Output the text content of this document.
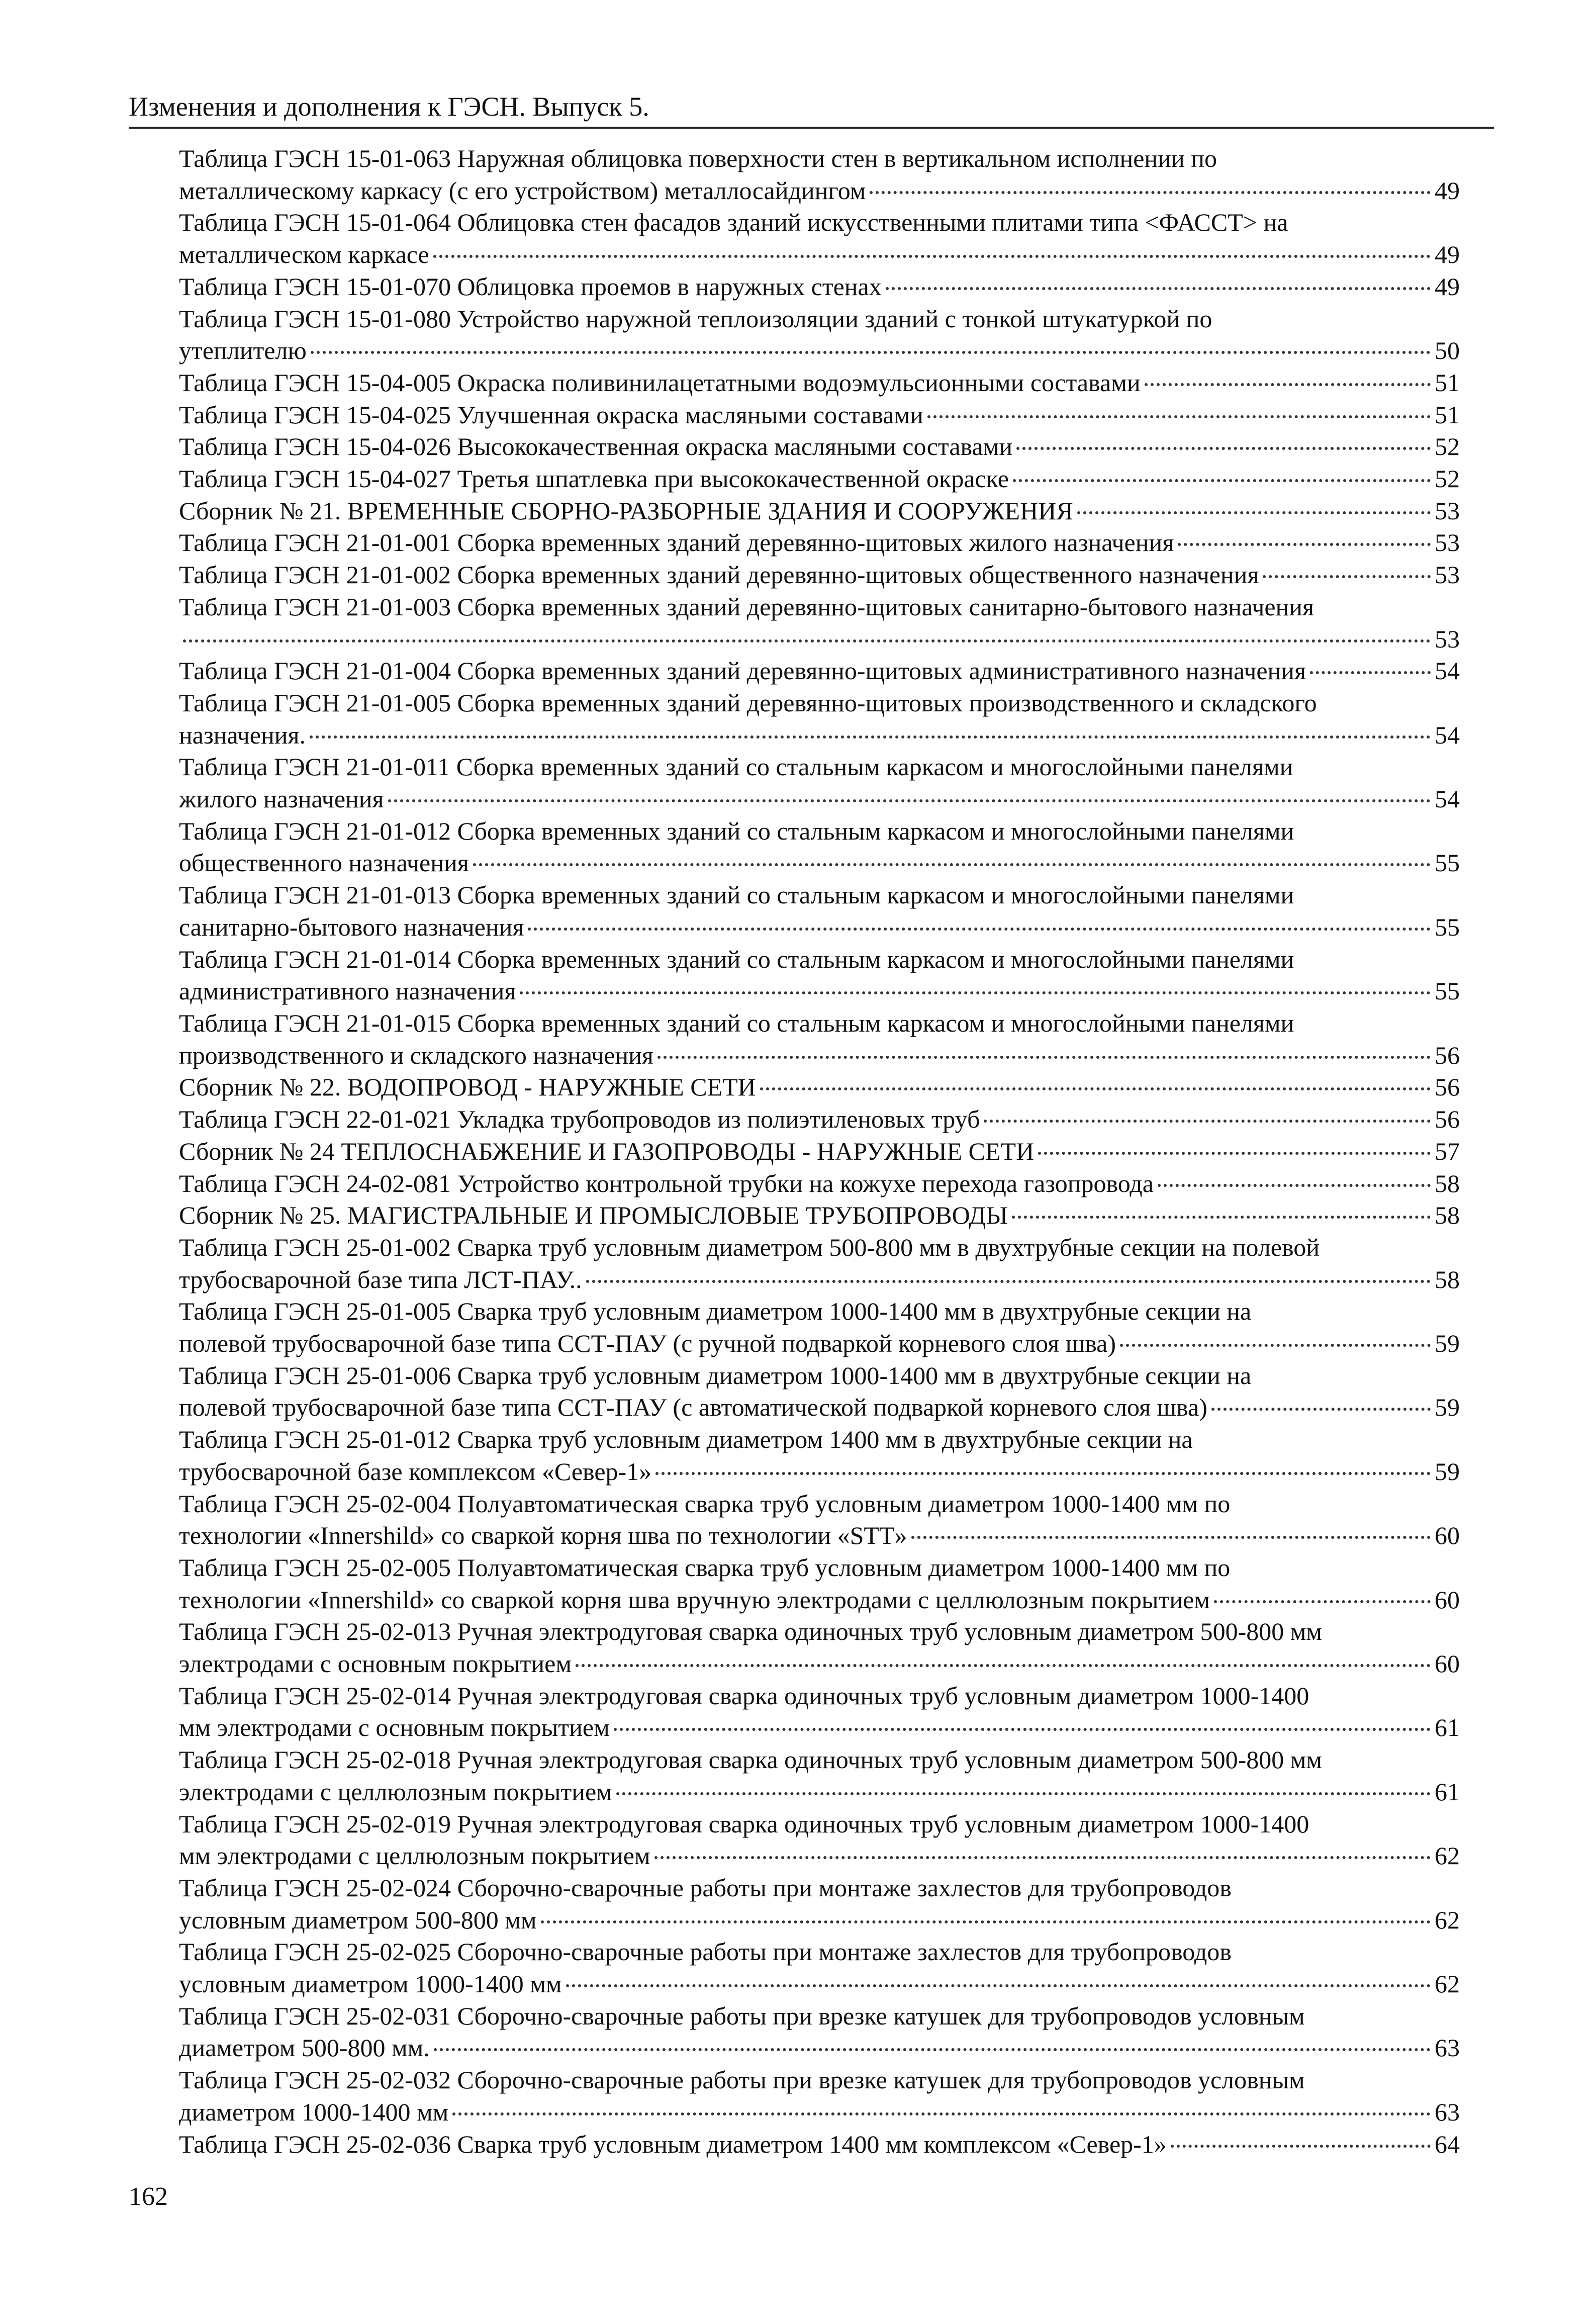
Изменения и дополнения к ГЭСН. Выпуск 5.
Таблица ГЭСН 15-01-063 Наружная облицовка поверхности стен в вертикальном исполнении по
металлическому каркасу (с его устройством) металлосайдингом	49
Таблица ГЭСН 15-01-064 Облицовка стен фасадов зданий искусственными плитами типа <ФАССТ> на
металлическом каркасе	49
Таблица ГЭСН 15-01-070 Облицовка проемов в наружных стенах	49
Таблица ГЭСН 15-01-080 Устройство наружной теплоизоляции зданий с тонкой штукатуркой по
утеплителю	50
Таблица ГЭСН 15-04-005 Окраска поливинилацетатными водоэмульсионными составами	51
Таблица ГЭСН 15-04-025 Улучшенная окраска масляными составами	51
Таблица ГЭСН 15-04-026 Высококачественная окраска масляными составами	52
Таблица ГЭСН 15-04-027 Третья шпатлевка при высококачественной окраске	52
Сборник № 21. ВРЕМЕННЫЕ СБОРНО-РАЗБОРНЫЕ ЗДАНИЯ И СООРУЖЕНИЯ	53
Таблица ГЭСН 21-01-001 Сборка временных зданий деревянно-щитовых жилого назначения	53
Таблица ГЭСН 21-01-002 Сборка временных зданий деревянно-щитовых общественного назначения	53
Таблица ГЭСН 21-01-003 Сборка временных зданий деревянно-щитовых санитарно-бытового назначения
53
Таблица ГЭСН 21-01-004 Сборка временных зданий деревянно-щитовых административного назначения	54
Таблица ГЭСН 21-01-005 Сборка временных зданий деревянно-щитовых производственного и складского
назначения.	54
Таблица ГЭСН 21-01-011 Сборка временных зданий со стальным каркасом и многослойными панелями
жилого назначения	54
Таблица ГЭСН 21-01-012 Сборка временных зданий со стальным каркасом и многослойными панелями
общественного назначения	55
Таблица ГЭСН 21-01-013 Сборка временных зданий со стальным каркасом и многослойными панелями
санитарно-бытового назначения	55
Таблица ГЭСН 21-01-014 Сборка временных зданий со стальным каркасом и многослойными панелями
административного назначения	55
Таблица ГЭСН 21-01-015 Сборка временных зданий со стальным каркасом и многослойными панелями
производственного и складского назначения	56
Сборник № 22. ВОДОПРОВОД - НАРУЖНЫЕ СЕТИ	56
Таблица ГЭСН 22-01-021 Укладка трубопроводов из полиэтиленовых труб	56
Сборник № 24 ТЕПЛОСНАБЖЕНИЕ И ГАЗОПРОВОДЫ - НАРУЖНЫЕ СЕТИ	57
Таблица ГЭСН 24-02-081 Устройство контрольной трубки на кожухе перехода газопровода	58
Сборник № 25. МАГИСТРАЛЬНЫЕ И ПРОМЫСЛОВЫЕ ТРУБОПРОВОДЫ	58
Таблица ГЭСН 25-01-002 Сварка труб условным диаметром 500-800 мм в двухтрубные секции на полевой
трубосварочной базе типа ЛСТ-ПАУ..	58
Таблица ГЭСН 25-01-005 Сварка труб условным диаметром 1000-1400 мм в двухтрубные секции на
полевой трубосварочной базе типа ССТ-ПАУ (с ручной подваркой корневого слоя шва)	59
Таблица ГЭСН 25-01-006 Сварка труб условным диаметром 1000-1400 мм в двухтрубные секции на
полевой трубосварочной базе типа ССТ-ПАУ (с автоматической подваркой корневого слоя шва)	59
Таблица ГЭСН 25-01-012 Сварка труб условным диаметром 1400 мм в двухтрубные секции на
трубосварочной базе комплексом «Север-1»	59
Таблица ГЭСН 25-02-004 Полуавтоматическая сварка труб условным диаметром 1000-1400 мм по
технологии «Innershild» со сваркой корня шва по технологии «STT»	60
Таблица ГЭСН 25-02-005 Полуавтоматическая сварка труб условным диаметром 1000-1400 мм по
технологии «Innershild» со сваркой корня шва вручную электродами с целлюлозным покрытием	60
Таблица ГЭСН 25-02-013 Ручная электродуговая сварка одиночных труб условным диаметром 500-800 мм
электродами с основным покрытием	60
Таблица ГЭСН 25-02-014 Ручная электродуговая сварка одиночных труб условным диаметром 1000-1400
мм электродами с основным покрытием	61
Таблица ГЭСН 25-02-018 Ручная электродуговая сварка одиночных труб условным диаметром 500-800 мм
электродами с целлюлозным покрытием	61
Таблица ГЭСН 25-02-019 Ручная электродуговая сварка одиночных труб условным диаметром 1000-1400
мм электродами с целлюлозным покрытием	62
Таблица ГЭСН 25-02-024 Сборочно-сварочные работы при монтаже захлестов для трубопроводов
условным диаметром 500-800 мм	62
Таблица ГЭСН 25-02-025 Сборочно-сварочные работы при монтаже захлестов для трубопроводов
условным диаметром 1000-1400 мм	62
Таблица ГЭСН 25-02-031 Сборочно-сварочные работы при врезке катушек для трубопроводов условным
диаметром 500-800 мм.	63
Таблица ГЭСН 25-02-032 Сборочно-сварочные работы при врезке катушек для трубопроводов условным
диаметром 1000-1400 мм	63
Таблица ГЭСН 25-02-036 Сварка труб условным диаметром 1400 мм комплексом «Север-1»	64
162
